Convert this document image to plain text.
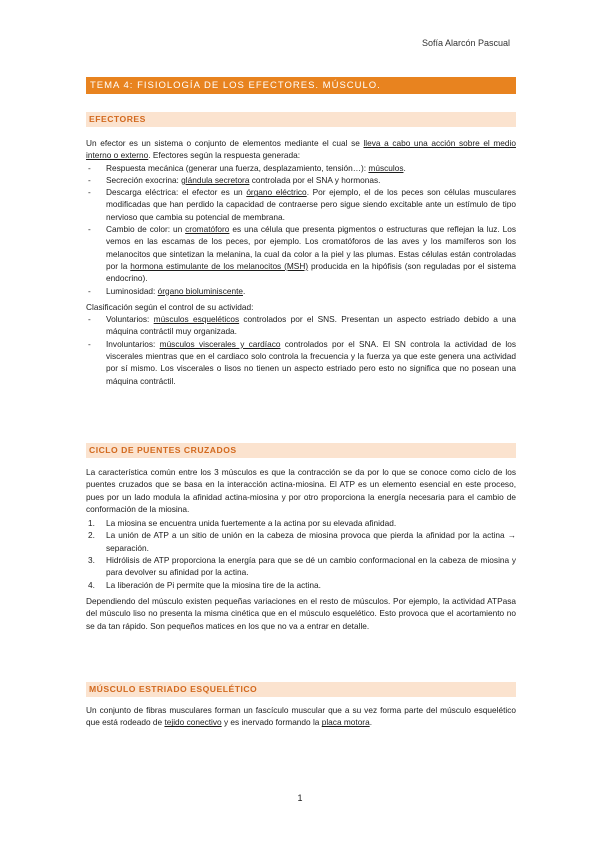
Sofía Alarcón Pascual
TEMA 4: FISIOLOGÍA DE LOS EFECTORES. MÚSCULO.
EFECTORES

Un efector es un sistema o conjunto de elementos mediante el cual se lleva a cabo una acción sobre el medio interno o externo. Efectores según la respuesta generada:

- Respuesta mecánica (generar una fuerza, desplazamiento, tensión…): músculos.
- Secreción exocrina: glándula secretora controlada por el SNA y hormonas.
- Descarga eléctrica: el efector es un órgano eléctrico. Por ejemplo, el de los peces son células musculares modificadas que han perdido la capacidad de contraerse pero sigue siendo excitable ante un estímulo de tipo nervioso que cambia su potencial de membrana.
- Cambio de color: un cromatóforo es una célula que presenta pigmentos o estructuras que reflejan la luz. Los vemos en las escamas de los peces, por ejemplo. Los cromatóforos de las aves y los mamíferos son los melanocitos que sintetizan la melanina, la cual da color a la piel y las plumas. Estas células están controladas por la hormona estimulante de los melanocitos (MSH) producida en la hipófisis (son reguladas por el sistema endocrino).
- Luminosidad: órgano bioluminiscente.

Clasificación según el control de su actividad:

- Voluntarios: músculos esqueléticos controlados por el SNS. Presentan un aspecto estriado debido a una máquina contráctil muy organizada.
- Involuntarios: músculos viscerales y cardíaco controlados por el SNA. El SN controla la actividad de los viscerales mientras que en el cardiaco solo controla la frecuencia y la fuerza ya que este genera una actividad por sí mismo. Los viscerales o lisos no tienen un aspecto estriado pero esto no significa que no posean una máquina contráctil.
CICLO DE PUENTES CRUZADOS

La característica común entre los 3 músculos es que la contracción se da por lo que se conoce como ciclo de los puentes cruzados que se basa en la interacción actina-miosina. El ATP es un elemento esencial en este proceso, pues por un lado modula la afinidad actina-miosina y por otro proporciona la energía necesaria para el cambio de conformación de la miosina.

1. La miosina se encuentra unida fuertemente a la actina por su elevada afinidad.
2. La unión de ATP a un sitio de unión en la cabeza de miosina provoca que pierda la afinidad por la actina → separación.
3. Hidrólisis de ATP proporciona la energía para que se dé un cambio conformacional en la cabeza de miosina y para devolver su afinidad por la actina.
4. La liberación de Pi permite que la miosina tire de la actina.

Dependiendo del músculo existen pequeñas variaciones en el resto de músculos. Por ejemplo, la actividad ATPasa del músculo liso no presenta la misma cinética que en el músculo esquelético. Esto provoca que el acortamiento no se da tan rápido. Son pequeños matices en los que no va a entrar en detalle.

MÚSCULO ESTRIADO ESQUELÉTICO

Un conjunto de fibras musculares forman un fascículo muscular que a su vez forma parte del músculo esquelético que está rodeado de tejido conectivo y es inervado formando la placa motora.

1
